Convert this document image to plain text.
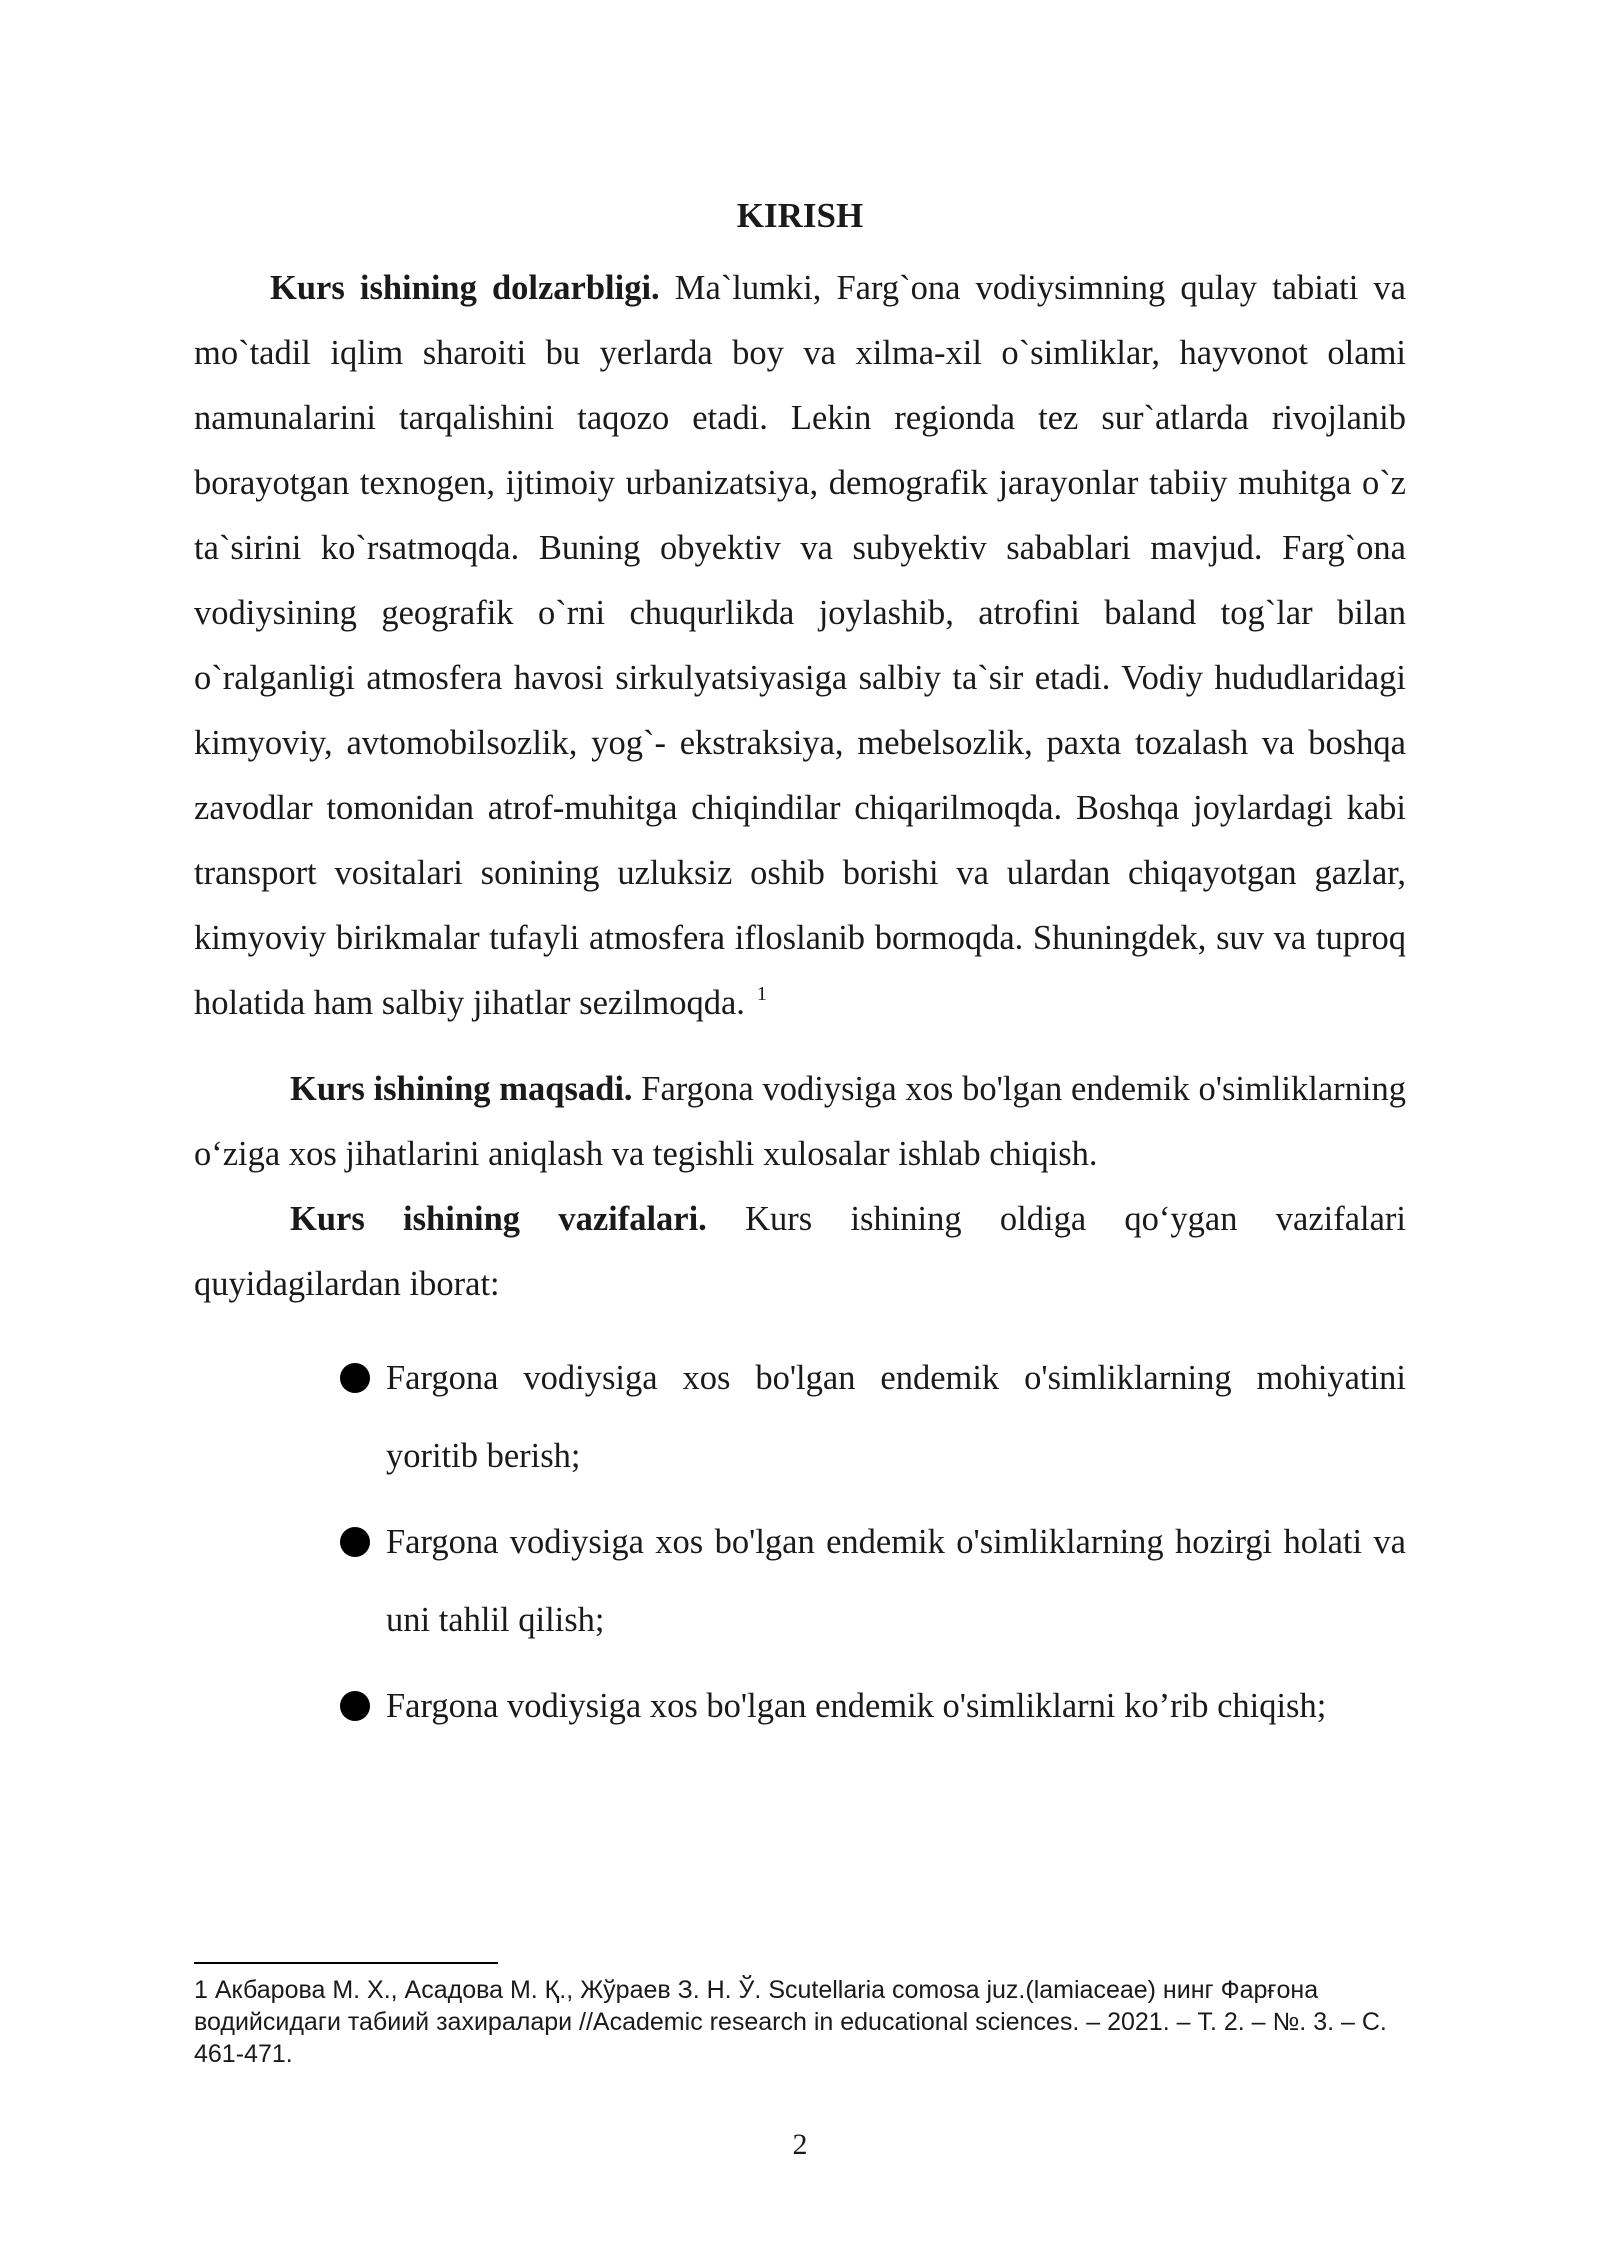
KIRISH

Kurs ishining dolzarbligi. Ma`lumki, Farg`ona vodiysimning qulay tabiati va mo`tadil iqlim sharoiti bu yerlarda boy va xilma-xil o`simliklar, hayvonot olami namunalarini tarqalishini taqozo etadi. Lekin regionda tez sur`atlarda rivojlanib borayotgan texnogen, ijtimoiy urbanizatsiya, demografik jarayonlar tabiiy muhitga o`z ta`sirini ko`rsatmoqda. Buning obyektiv va subyektiv sabablari mavjud. Farg`ona vodiysining geografik o`rni chuqurlikda joylashib, atrofini baland tog`lar bilan o`ralganligi atmosfera havosi sirkulyatsiyasiga salbiy ta`sir etadi. Vodiy hududlaridagi kimyoviy, avtomobilsozlik, yog`- ekstraksiya, mebelsozlik, paxta tozalash va boshqa zavodlar tomonidan atrof-muhitga chiqindilar chiqarilmoqda. Boshqa joylardagi kabi transport vositalari sonining uzluksiz oshib borishi va ulardan chiqayotgan gazlar, kimyoviy birikmalar tufayli atmosfera ifloslanib bormoqda. Shuningdek, suv va tuproq holatida ham salbiy jihatlar sezilmoqda. $^1$

Kurs ishining maqsadi. Fargona vodiysiga xos bo'lgan endemik o'simliklarning o‘ziga xos jihatlarini aniqlash va tegishli xulosalar ishlab chiqish.

Kurs ishining vazifalari. Kurs ishining oldiga qo‘ygan vazifalari quyidagilardan iborat:

Fargona vodiysiga xos bo'lgan endemik o'simliklarning mohiyatini yoritib berish;
Fargona vodiysiga xos bo'lgan endemik o'simliklarning hozirgi holati va uni tahlil qilish;
Fargona vodiysiga xos bo'lgan endemik o'simliklarni ko’rib chiqish;
1 Акбарова М. Х., Асадова М. Қ., Жўраев З. Н. Ў. Scutellaria comosa juz.(lamiaceae) нинг Фарғона водийсидаги табиий захиралари //Academic research in educational sciences. – 2021. – Т. 2. – №. 3. – С. 461-471.
2
